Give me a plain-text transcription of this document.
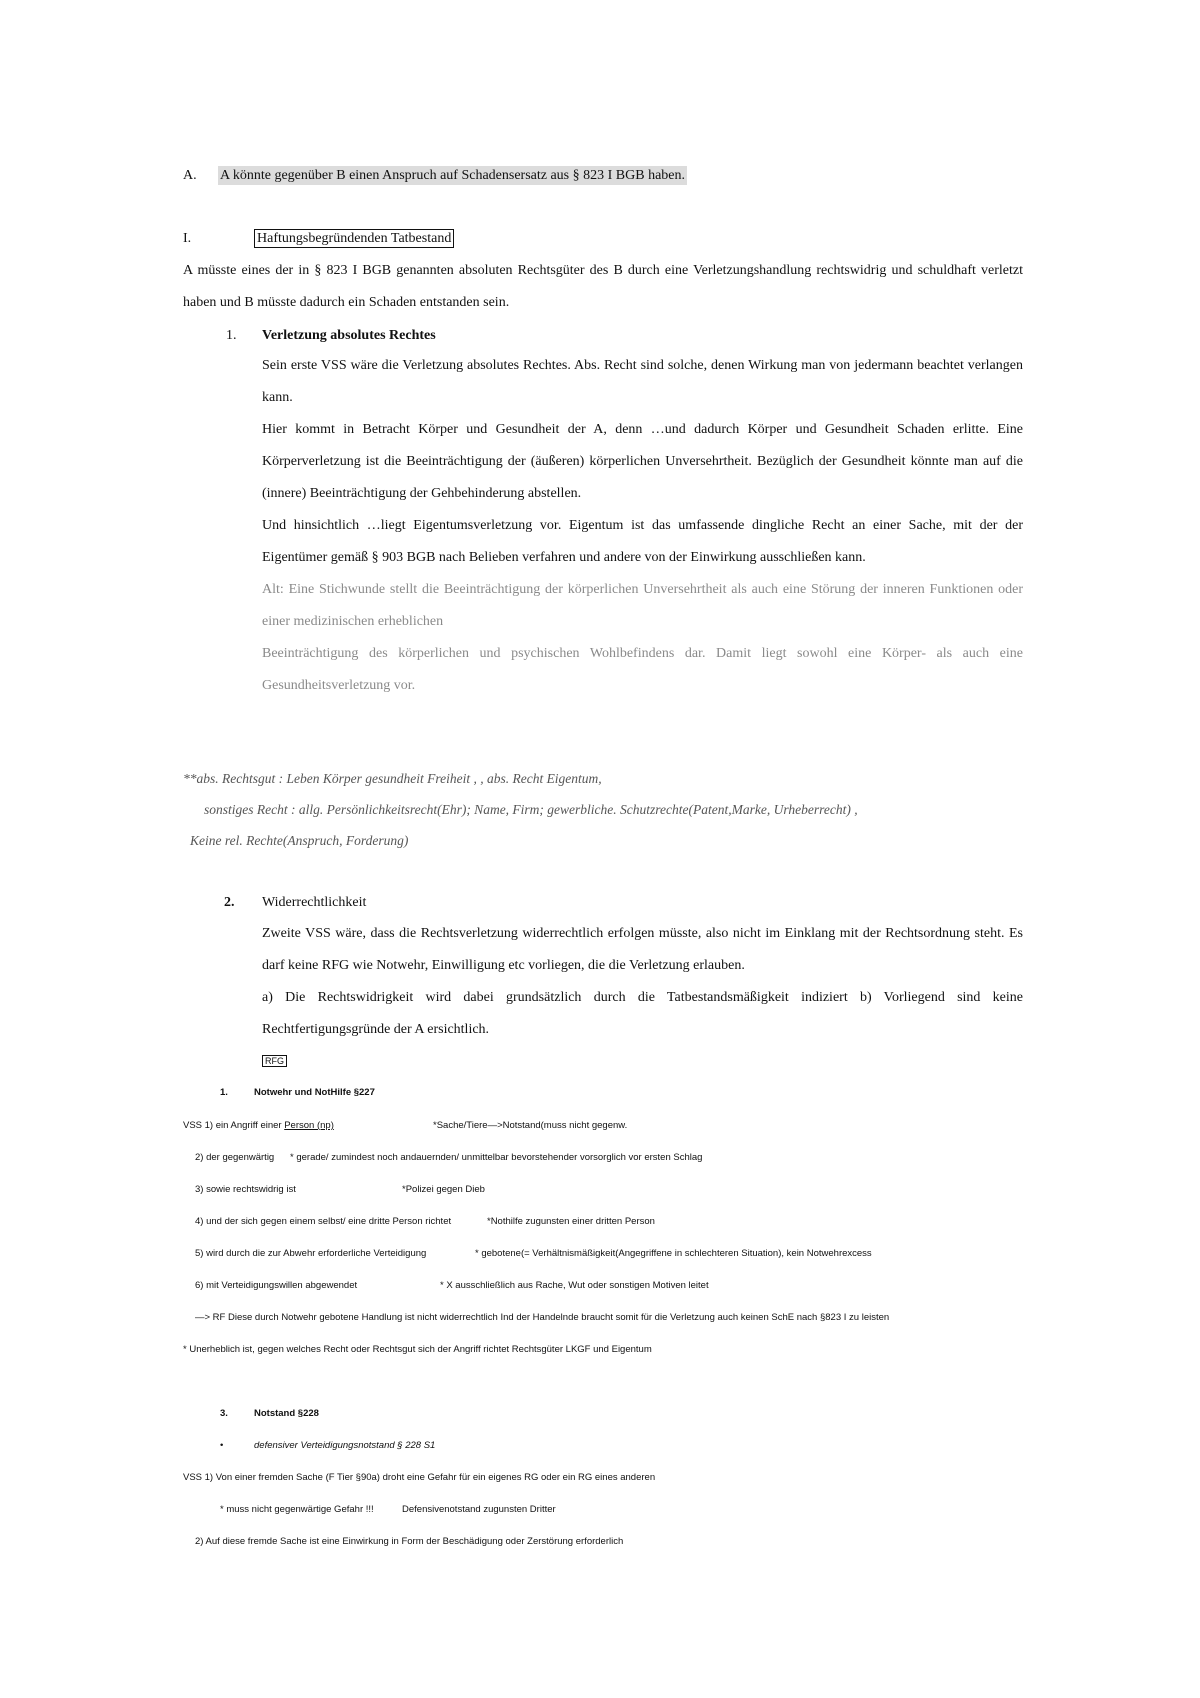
A. A könnte gegenüber B einen Anspruch auf Schadensersatz aus § 823 I BGB haben.
I.	Haftungsbegründenden Tatbestand
A müsste eines der in § 823 I BGB genannten absoluten Rechtsgüter des B durch eine Verletzungshandlung rechtswidrig und schuldhaft verletzt haben und B müsste dadurch ein Schaden entstanden sein.
1. Verletzung absolutes Rechtes
Sein erste VSS wäre die Verletzung absolutes Rechtes. Abs. Recht sind solche, denen Wirkung man von jedermann beachtet verlangen kann.
Hier kommt in Betracht Körper und Gesundheit der A, denn …und dadurch Körper und Gesundheit Schaden erlitte. Eine Körperverletzung ist die Beeinträchtigung der (äußeren) körperlichen Unversehrtheit. Bezüglich der Gesundheit könnte man auf die (innere) Beeinträchtigung der Gehbehinderung abstellen.
Und hinsichtlich …liegt Eigentumsverletzung vor. Eigentum ist das umfassende dingliche Recht an einer Sache, mit der der Eigentümer gemäß § 903 BGB nach Belieben verfahren und andere von der Einwirkung ausschließen kann.
Alt: Eine Stichwunde stellt die Beeinträchtigung der körperlichen Unversehrtheit als auch eine Störung der inneren Funktionen oder einer medizinischen erheblichen
Beeinträchtigung des körperlichen und psychischen Wohlbefindens dar. Damit liegt sowohl eine Körper- als auch eine Gesundheitsverletzung vor.
**abs. Rechtsgut : Leben Körper gesundheit Freiheit , , abs. Recht Eigentum,
sonstiges Recht : allg. Persönlichkeitsrecht(Ehr); Name, Firm; gewerbliche. Schutzrechte(Patent,Marke, Urheberrecht) ,
Keine rel. Rechte(Anspruch, Forderung)
2. Widerrechtlichkeit
Zweite VSS wäre, dass die Rechtsverletzung widerrechtlich erfolgen müsste, also nicht im Einklang mit der Rechtsordnung steht. Es darf keine RFG wie Notwehr, Einwilligung etc vorliegen, die die Verletzung erlauben.
a) Die Rechtswidrigkeit wird dabei grundsätzlich durch die Tatbestandsmäßigkeit indiziert b) Vorliegend sind keine Rechtfertigungsgründe der A ersichtlich.
RFG
1.	Notwehr und NotHilfe §227
VSS 1) ein Angriff einer Person (np)	*Sache/Tiere—>Notstand(muss nicht gegenw.
2) der gegenwärtig * gerade/ zumindest noch andauernden/ unmittelbar bevorstehender vorsorglich vor ersten Schlag
3) sowie rechtswidrig ist	*Polizei gegen Dieb
4) und der sich gegen einem selbst/ eine dritte Person richtet	*Nothilfe zugunsten einer dritten Person
5) wird durch die zur Abwehr erforderliche Verteidigung	* gebotene(= Verhältnismäßigkeit(Angegriffene in schlechteren Situation), kein Notwehrexcess
6) mit Verteidigungswillen abgewendet	* X ausschließlich aus Rache, Wut oder sonstigen Motiven leitet
—> RF Diese durch Notwehr gebotene Handlung ist nicht widerrechtlich Ind der Handelnde braucht somit für die Verletzung auch keinen SchE nach §823 I zu leisten
* Unerheblich ist, gegen welches Recht oder Rechtsgut sich der Angriff richtet Rechtsgüter LKGF und Eigentum
3.	Notstand §228
•	defensiver Verteidigungsnotstand § 228 S1
VSS 1) Von einer fremden Sache (F Tier §90a) droht eine Gefahr für ein eigenes RG oder ein RG eines anderen
* muss nicht gegenwärtige Gefahr !!!	Defensivenotstand zugunsten Dritter
2) Auf diese fremde Sache ist eine Einwirkung in Form der Beschädigung oder Zerstörung erforderlich
